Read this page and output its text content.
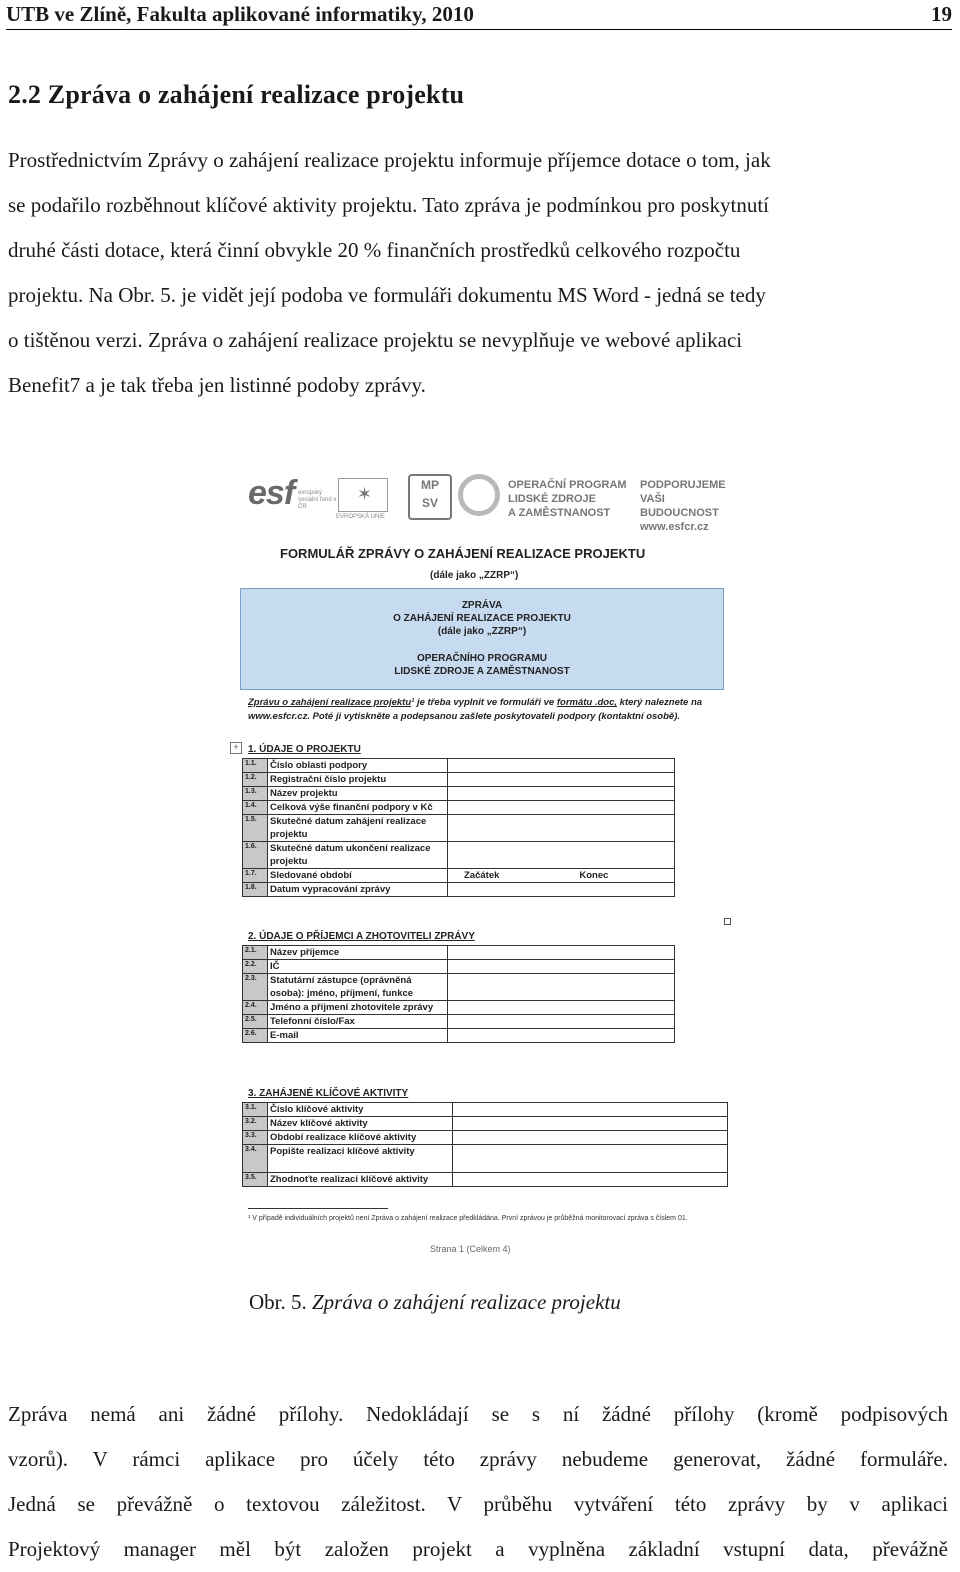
UTB ve Zlíně, Fakulta aplikované informatiky, 2010	19
2.2 Zpráva o zahájení realizace projektu
Prostřednictvím Zprávy o zahájení realizace projektu informuje příjemce dotace o tom, jak
se podařilo rozběhnout klíčové aktivity projektu. Tato zpráva je podmínkou pro poskytnutí
druhé části dotace, která činní obvykle 20 % finančních prostředků celkového rozpočtu
projektu. Na Obr. 5. je vidět její podoba ve formuláři dokumentu MS Word - jedná se tedy
o tištěnou verzi. Zpráva o zahájení realizace projektu se nevyplňuje ve webové aplikaci
Benefit7 a je tak třeba jen listinné podoby zprávy.
esf evropský sociální fond v ČR
✶
EVROPSKÁ UNIE
MP
SV
OPERAČNÍ PROGRAM
LIDSKÉ ZDROJE
A ZAMĚSTNANOST
PODPORUJEME
VAŠI BUDOUCNOST
www.esfcr.cz
FORMULÁŘ ZPRÁVY O ZAHÁJENÍ REALIZACE PROJEKTU
(dále jako „ZZRP“)
ZPRÁVA
O ZAHÁJENÍ REALIZACE PROJEKTU
(dále jako „ZZRP“)
OPERAČNÍHO PROGRAMU
LIDSKÉ ZDROJE A ZAMĚSTNANOST
Zprávu o zahájení realizace projektu¹ je třeba vyplnit ve formuláři ve formátu .doc, který naleznete na www.esfcr.cz. Poté ji vytiskněte a podepsanou zašlete poskytovateli podpory (kontaktní osobě).
+ 1. ÚDAJE O PROJEKTU
1.1.	Číslo oblasti podpory	
1.2.	Registrační číslo projektu	
1.3.	Název projektu	
1.4.	Celková výše finanční podpory v Kč	
1.5.	Skutečné datum zahájení realizace projektu	
1.6.	Skutečné datum ukončení realizace projektu	
1.7.	Sledované období	Začátek Konec
1.8.	Datum vypracování zprávy	
2. ÚDAJE O PŘÍJEMCI A ZHOTOVITELI ZPRÁVY
2.1.	Název příjemce	
2.2.	IČ	
2.3.	Statutární zástupce (oprávněná osoba): jméno, příjmení, funkce	
2.4.	Jméno a příjmení zhotovitele zprávy	
2.5.	Telefonní číslo/Fax	
2.6.	E-mail	
3. ZAHÁJENÉ KLÍČOVÉ AKTIVITY
3.1.	Číslo klíčové aktivity	
3.2.	Název klíčové aktivity	
3.3.	Období realizace klíčové aktivity	
3.4.	Popište realizaci klíčové aktivity	
3.5.	Zhodnoťte realizaci klíčové aktivity	
¹ V případě individuálních projektů není Zpráva o zahájení realizace předkládána. První zprávou je průběžná monitorovací zpráva s číslem 01.
Strana 1 (Celkem 4)
Obr. 5. Zpráva o zahájení realizace projektu
Zpráva nemá ani žádné přílohy. Nedokládají se s ní žádné přílohy (kromě podpisových
vzorů). V rámci aplikace pro účely této zprávy nebudeme generovat, žádné formuláře.
Jedná se převážně o textovou záležitost. V průběhu vytváření této zprávy by v aplikaci
Projektový manager měl být založen projekt a vyplněna základní vstupní data, převážně
